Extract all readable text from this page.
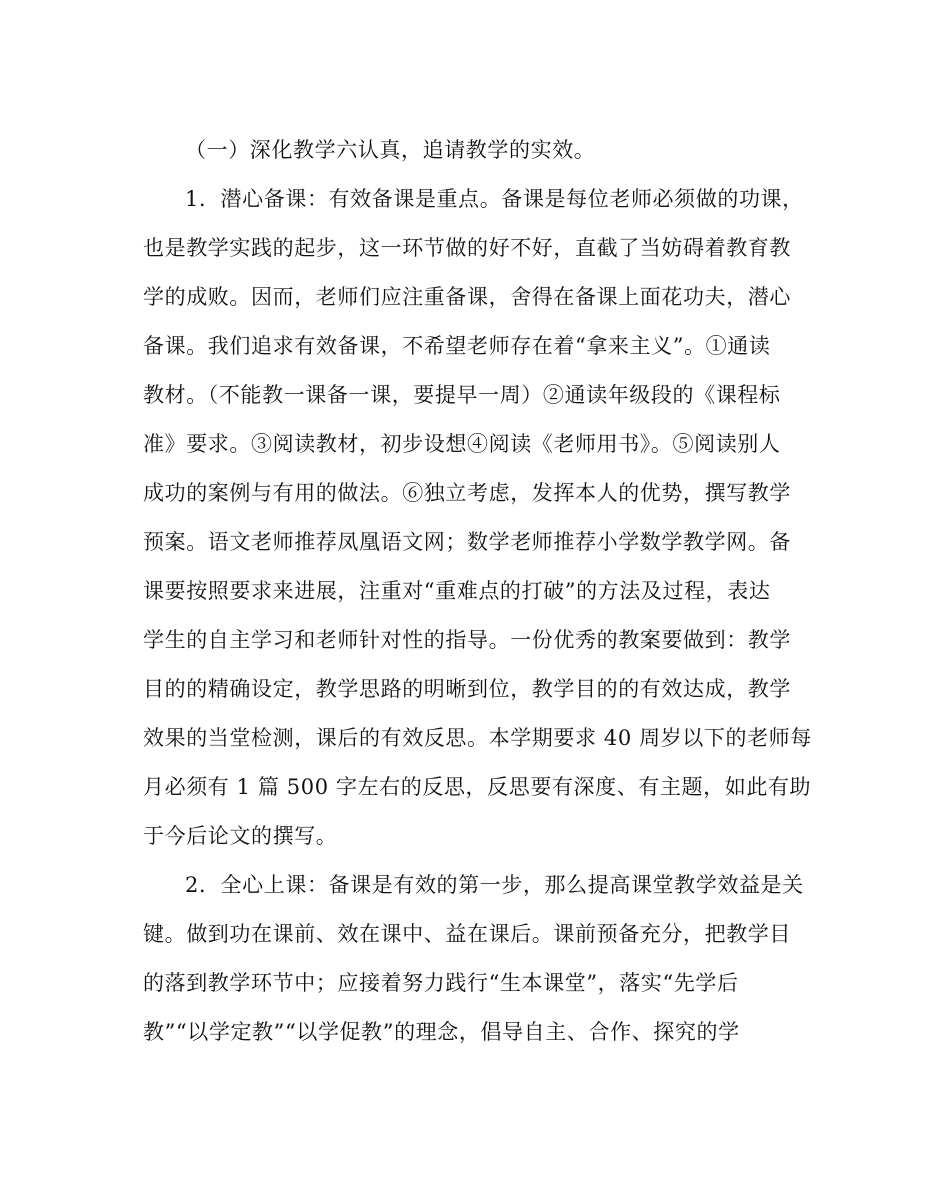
（一）深化教学六认真，追请教学的实效。
1．潜心备课：有效备课是重点。备课是每位老师必须做的功课，
也是教学实践的起步，这一环节做的好不好，直截了当妨碍着教育教
学的成败。因而，老师们应注重备课，舍得在备课上面花功夫，潜心
备课。我们追求有效备课，不希望老师存在着“拿来主义”。①通读
教材。（不能教一课备一课，要提早一周）②通读年级段的《课程标
准》要求。③阅读教材，初步设想④阅读《老师用书》。⑤阅读别人
成功的案例与有用的做法。⑥独立考虑，发挥本人的优势，撰写教学
预案。语文老师推荐凤凰语文网；数学老师推荐小学数学教学网。备
课要按照要求来进展，注重对“重难点的打破”的方法及过程，表达
学生的自主学习和老师针对性的指导。一份优秀的教案要做到：教学
目的的精确设定，教学思路的明晰到位，教学目的的有效达成，教学
效果的当堂检测，课后的有效反思。本学期要求 40 周岁以下的老师每
月必须有 1 篇 500 字左右的反思，反思要有深度、有主题，如此有助
于今后论文的撰写。
2．全心上课：备课是有效的第一步，那么提高课堂教学效益是关
键。做到功在课前、效在课中、益在课后。课前预备充分，把教学目
的落到教学环节中；应接着努力践行“生本课堂”，落实“先学后
教”“以学定教”“以学促教”的理念，倡导自主、合作、探究的学
